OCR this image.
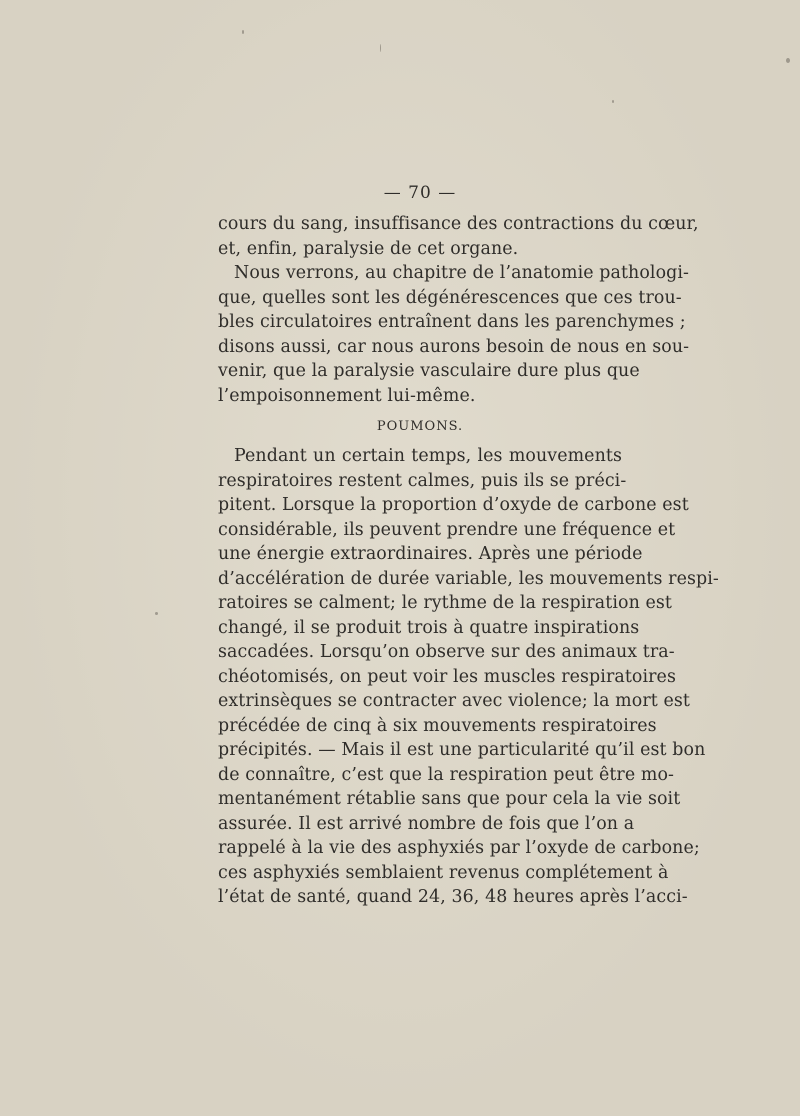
— 70 —
cours du sang, insuffisance des contractions du cœur,
et, enfin, paralysie de cet organe.
Nous verrons, au chapitre de l’anatomie pathologi-
que, quelles sont les dégénérescences que ces trou-
bles circulatoires entraînent dans les parenchymes ;
disons aussi, car nous aurons besoin de nous en sou-
venir, que la paralysie vasculaire dure plus que
l’empoisonnement lui-même.
POUMONS.
Pendant un certain temps, les mouvements
respiratoires restent calmes, puis ils se préci-
pitent. Lorsque la proportion d’oxyde de carbone est
considérable, ils peuvent prendre une fréquence et
une énergie extraordinaires. Après une période
d’accélération de durée variable, les mouvements respi-
ratoires se calment; le rythme de la respiration est
changé, il se produit trois à quatre inspirations
saccadées. Lorsqu’on observe sur des animaux tra-
chéotomisés, on peut voir les muscles respiratoires
extrinsèques se contracter avec violence; la mort est
précédée de cinq à six mouvements respiratoires
précipités. — Mais il est une particularité qu’il est bon
de connaître, c’est que la respiration peut être mo-
mentanément rétablie sans que pour cela la vie soit
assurée. Il est arrivé nombre de fois que l’on a
rappelé à la vie des asphyxiés par l’oxyde de carbone;
ces asphyxiés semblaient revenus complétement à
l’état de santé, quand 24, 36, 48 heures après l’acci-
